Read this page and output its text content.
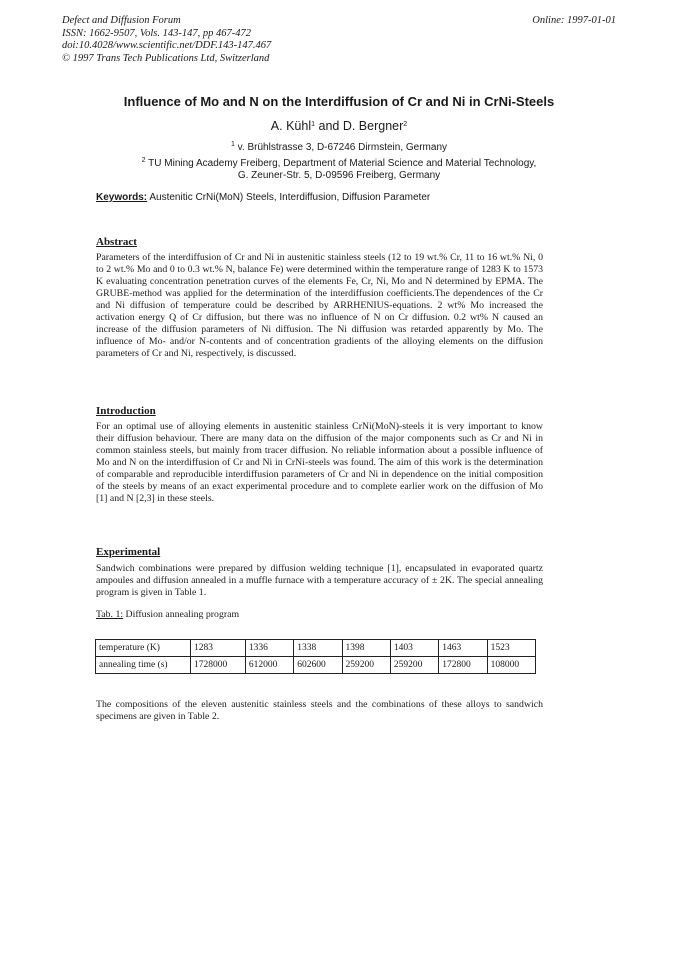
Defect and Diffusion Forum
ISSN: 1662-9507, Vols. 143-147, pp 467-472
doi:10.4028/www.scientific.net/DDF.143-147.467
© 1997 Trans Tech Publications Ltd, Switzerland
Online: 1997-01-01
Influence of Mo and N on the Interdiffusion of Cr and Ni in CrNi-Steels
A. Kühl$^1$ and D. Bergner$^2$
$^1$ v. Brühlstrasse 3, D-67246 Dirmstein, Germany
$^2$ TU Mining Academy Freiberg, Department of Material Science and Material Technology,
G. Zeuner-Str. 5, D-09596 Freiberg, Germany
Keywords: Austenitic CrNi(MoN) Steels, Interdiffusion, Diffusion Parameter
Abstract
Parameters of the interdiffusion of Cr and Ni in austenitic stainless steels (12 to 19 wt.% Cr, 11 to 16 wt.% Ni, 0 to 2 wt.% Mo and 0 to 0.3 wt.% N, balance Fe) were determined within the temperature range of 1283 K to 1573 K evaluating concentration penetration curves of the elements Fe, Cr, Ni, Mo and N determined by EPMA. The GRUBE-method was applied for the determination of the interdiffusion coefficients.The dependences of the Cr and Ni diffusion of temperature could be described by ARRHENIUS-equations. 2 wt% Mo increased the activation energy Q of Cr diffusion, but there was no influence of N on Cr diffusion. 0.2 wt% N caused an increase of the diffusion parameters of Ni diffusion. The Ni diffusion was retarded apparently by Mo. The influence of Mo- and/or N-contents and of concentration gradients of the alloying elements on the diffusion parameters of Cr and Ni, respectively, is discussed.
Introduction
For an optimal use of alloying elements in austenitic stainless CrNi(MoN)-steels it is very important to know their diffusion behaviour. There are many data on the diffusion of the major components such as Cr and Ni in common stainless steels, but mainly from tracer diffusion. No reliable information about a possible influence of Mo and N on the interdiffusion of Cr and Ni in CrNi-steels was found. The aim of this work is the determination of comparable and reproducible interdiffusion parameters of Cr and Ni in dependence on the initial composition of the steels by means of an exact experimental procedure and to complete earlier work on the diffusion of Mo [1] and N [2,3] in these steels.
Experimental
Sandwich combinations were prepared by diffusion welding technique [1], encapsulated in evaporated quartz ampoules and diffusion annealed in a muffle furnace with a temperature accuracy of ± 2K. The special annealing program is given in Table 1.
Tab. 1: Diffusion annealing program
temperature (K)	1283	1336	1338	1398	1403	1463	1523
annealing time (s)	1728000	612000	602600	259200	259200	172800	108000
The compositions of the eleven austenitic stainless steels and the combinations of these alloys to sandwich specimens are given in Table 2.
